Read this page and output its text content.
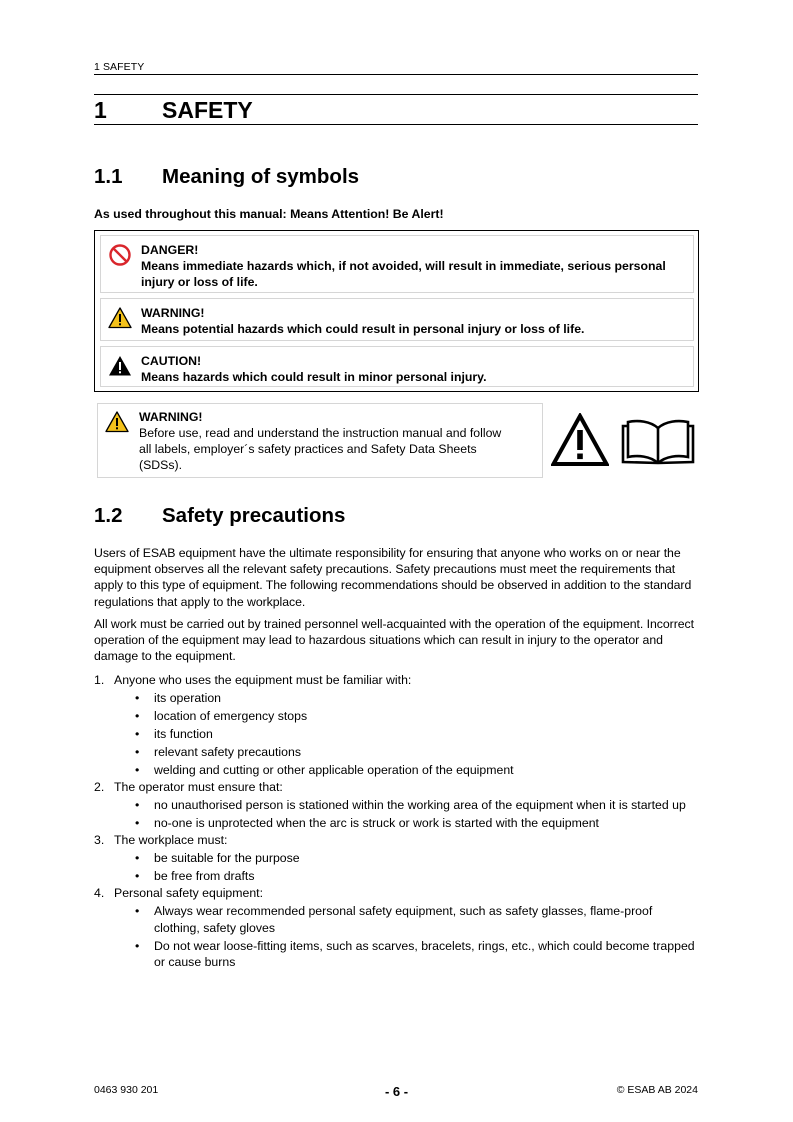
1 SAFETY
1 SAFETY
1.1 Meaning of symbols
As used throughout this manual: Means Attention! Be Alert!
DANGER!
Means immediate hazards which, if not avoided, will result in immediate, serious personal injury or loss of life.
WARNING!
Means potential hazards which could result in personal injury or loss of life.
CAUTION!
Means hazards which could result in minor personal injury.
WARNING!
Before use, read and understand the instruction manual and follow all labels, employer´s safety practices and Safety Data Sheets (SDSs).
1.2 Safety precautions
Users of ESAB equipment have the ultimate responsibility for ensuring that anyone who works on or near the equipment observes all the relevant safety precautions. Safety precautions must meet the requirements that apply to this type of equipment. The following recommendations should be observed in addition to the standard regulations that apply to the workplace.
All work must be carried out by trained personnel well-acquainted with the operation of the equipment. Incorrect operation of the equipment may lead to hazardous situations which can result in injury to the operator and damage to the equipment.
1. Anyone who uses the equipment must be familiar with:
• its operation
• location of emergency stops
• its function
• relevant safety precautions
• welding and cutting or other applicable operation of the equipment
2. The operator must ensure that:
• no unauthorised person is stationed within the working area of the equipment when it is started up
• no-one is unprotected when the arc is struck or work is started with the equipment
3. The workplace must:
• be suitable for the purpose
• be free from drafts
4. Personal safety equipment:
• Always wear recommended personal safety equipment, such as safety glasses, flame-proof clothing, safety gloves
• Do not wear loose-fitting items, such as scarves, bracelets, rings, etc., which could become trapped or cause burns
0463 930 201	- 6 -	© ESAB AB 2024
